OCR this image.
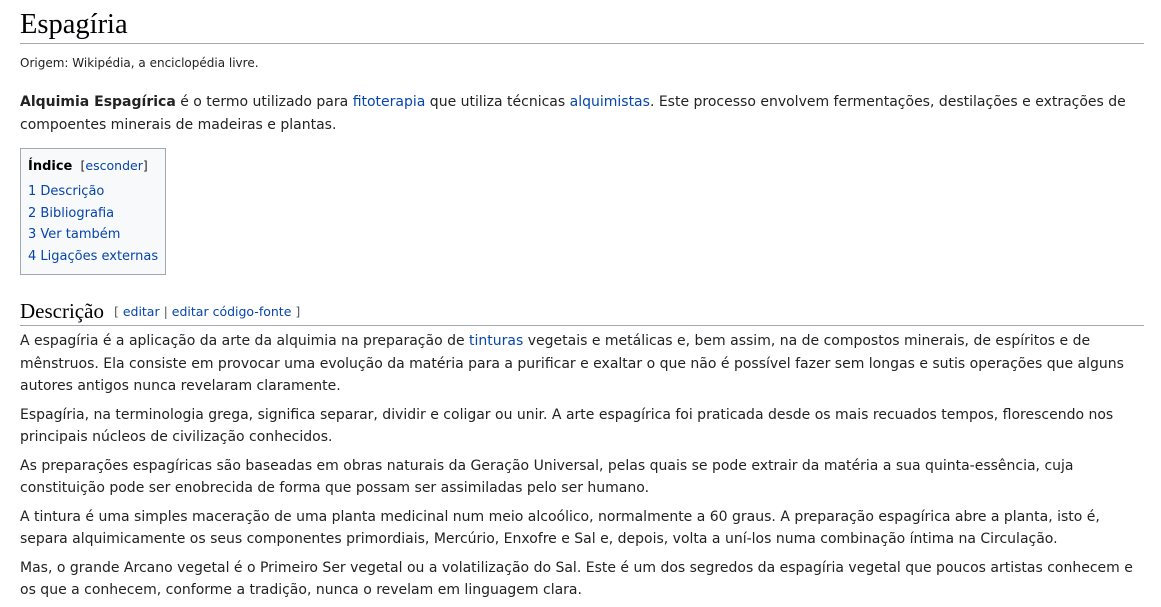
Espagíria
Origem: Wikipédia, a enciclopédia livre.

Alquimia Espagírica é o termo utilizado para fitoterapia que utiliza técnicas alquimistas. Este processo envolvem fermentações, destilações e extrações de compoentes minerais de madeiras e plantas.

Índice [esconder]
1 Descrição
2 Bibliografia
3 Ver também
4 Ligações externas
Descrição [ editar | editar código-fonte ]

A espagíria é a aplicação da arte da alquimia na preparação de tinturas vegetais e metálicas e, bem assim, na de compostos minerais, de espíritos e de mênstruos. Ela consiste em provocar uma evolução da matéria para a purificar e exaltar o que não é possível fazer sem longas e sutis operações que alguns autores antigos nunca revelaram claramente.

Espagíria, na terminologia grega, significa separar, dividir e coligar ou unir. A arte espagírica foi praticada desde os mais recuados tempos, florescendo nos principais núcleos de civilização conhecidos.

As preparações espagíricas são baseadas em obras naturais da Geração Universal, pelas quais se pode extrair da matéria a sua quinta-essência, cuja constituição pode ser enobrecida de forma que possam ser assimiladas pelo ser humano.

A tintura é uma simples maceração de uma planta medicinal num meio alcoólico, normalmente a 60 graus. A preparação espagírica abre a planta, isto é, separa alquimicamente os seus componentes primordiais, Mercúrio, Enxofre e Sal e, depois, volta a uní-los numa combinação íntima na Circulação.

Mas, o grande Arcano vegetal é o Primeiro Ser vegetal ou a volatilização do Sal. Este é um dos segredos da espagíria vegetal que poucos artistas conhecem e os que a conhecem, conforme a tradição, nunca o revelam em linguagem clara.
